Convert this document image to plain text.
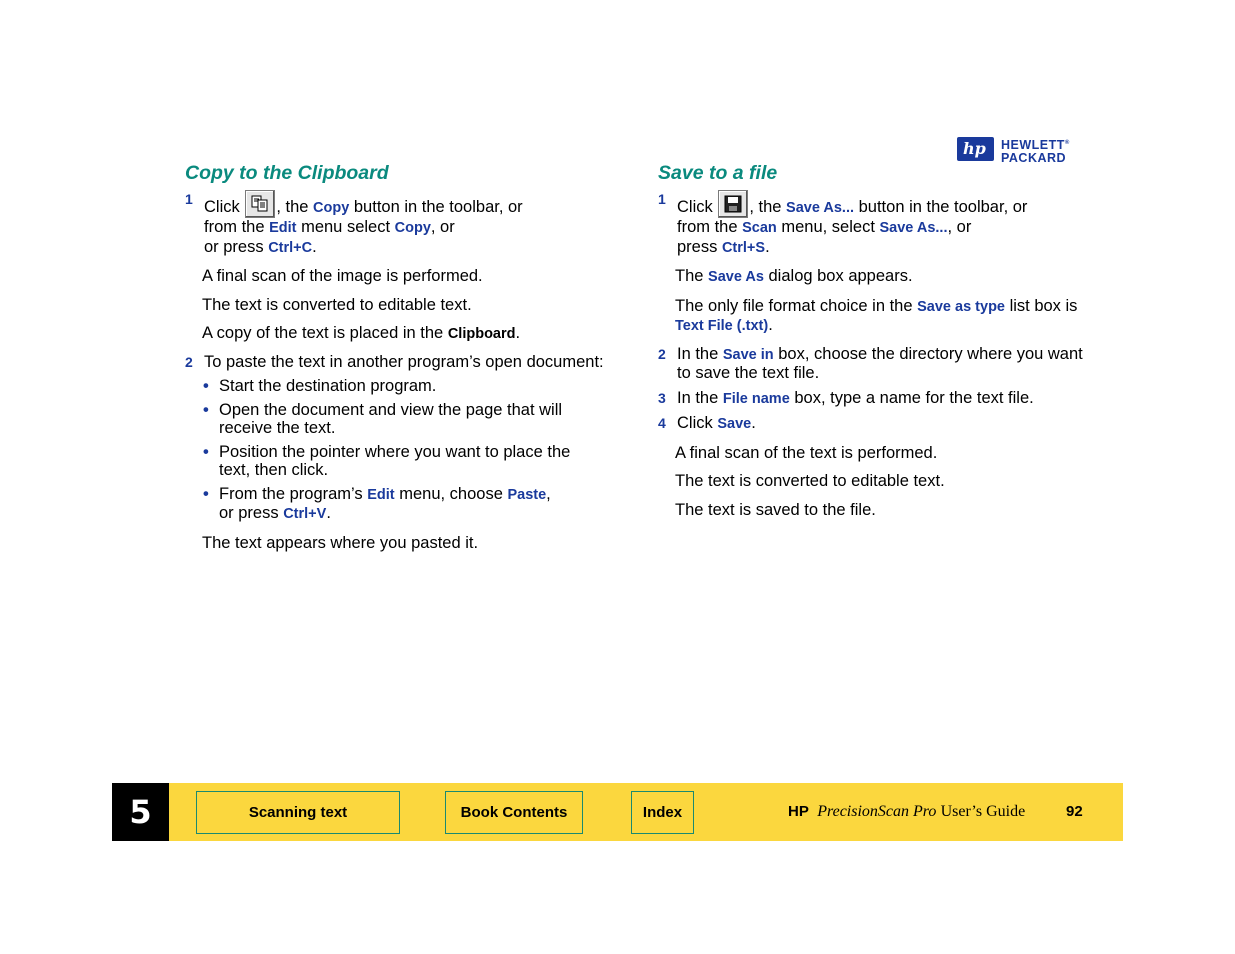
hp HEWLETT®
PACKARD
Copy to the Clipboard
1 Click
, the Copy button in the toolbar, or
from the Edit menu select Copy, or
or press Ctrl+C.
A final scan of the image is performed.
The text is converted to editable text.
A copy of the text is placed in the Clipboard.
2 To paste the text in another program’s open document:
• Start the destination program.
• Open the document and view the page that will receive the text.
• Position the pointer where you want to place the text, then click.
• From the program’s Edit menu, choose Paste,
or press Ctrl+V.
The text appears where you pasted it.
Save to a file
1 Click
, the Save As... button in the toolbar, or
from the Scan menu, select Save As..., or
press Ctrl+S.
The Save As dialog box appears.
The only file format choice in the Save as type list box is Text File (.txt).
2 In the Save in box, choose the directory where you want to save the text file.
3 In the File name box, type a name for the text file.
4 Click Save.
A final scan of the text is performed.
The text is converted to editable text.
The text is saved to the file.
5	Scanning text	Book Contents	Index	HP PrecisionScan Pro User’s Guide	92
